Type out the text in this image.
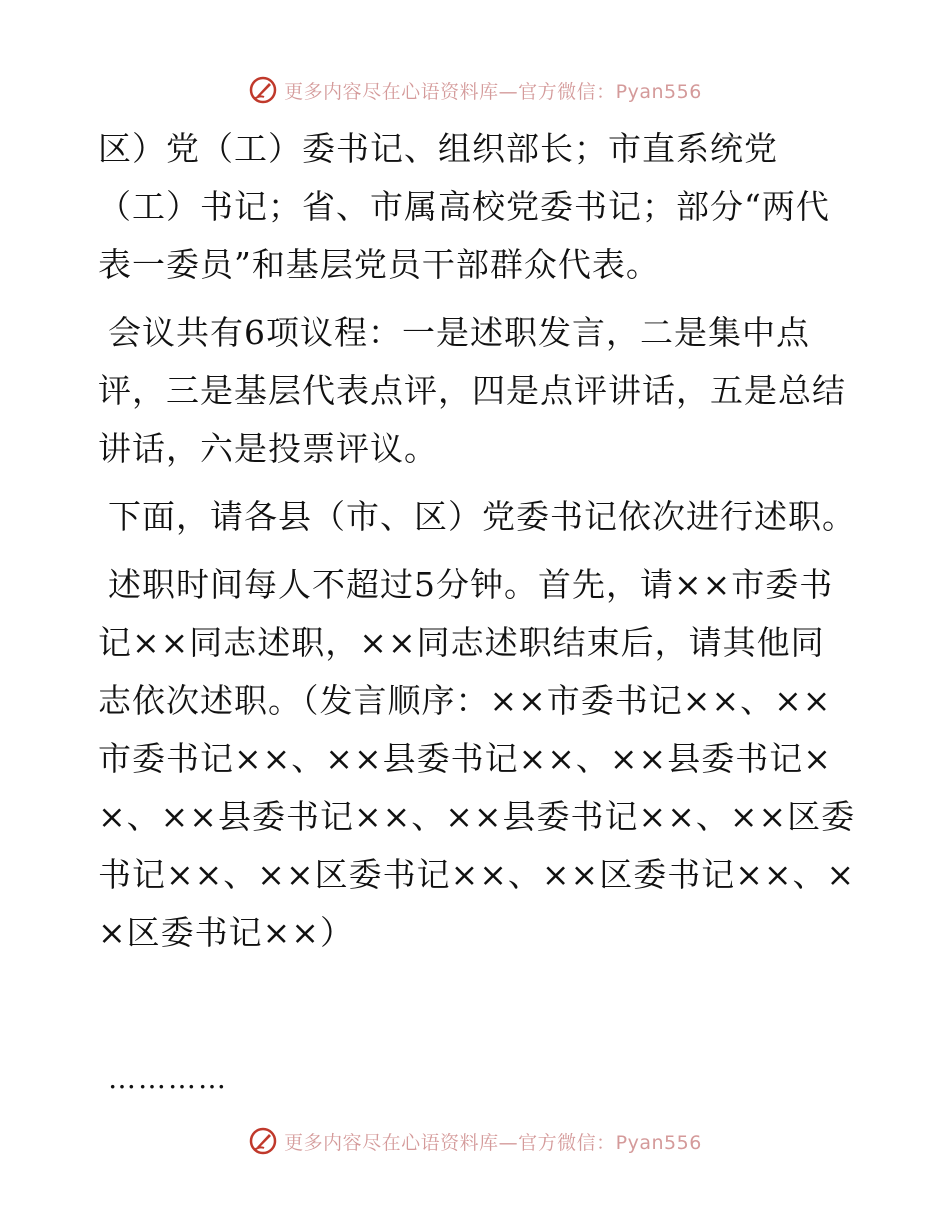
更多内容尽在心语资料库—官方微信：Pyan556

区）党（工）委书记、组织部长；市直系统党（工）书记；省、市属高校党委书记；部分“两代表一委员”和基层党员干部群众代表。

会议共有6项议程：一是述职发言，二是集中点评，三是基层代表点评，四是点评讲话，五是总结讲话，六是投票评议。

下面，请各县（市、区）党委书记依次进行述职。

述职时间每人不超过5分钟。首先，请××市委书记××同志述职，××同志述职结束后，请其他同志依次述职。（发言顺序：××市委书记××、××市委书记××、××县委书记××、××县委书记××、××县委书记××、××县委书记××、××区委书记××、××区委书记××、××区委书记××、××区委书记××）

…………
更多内容尽在心语资料库—官方微信：Pyan556
